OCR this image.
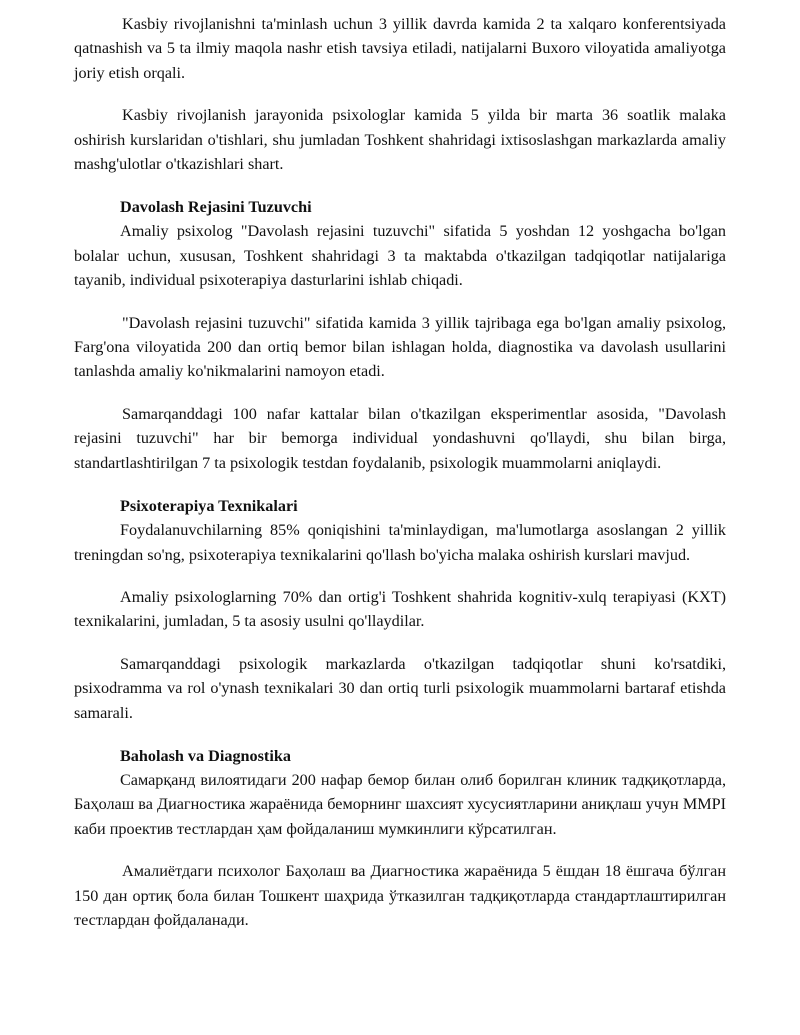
Kasbiy rivojlanishni ta'minlash uchun 3 yillik davrda kamida 2 ta xalqaro konferentsiyada qatnashish va 5 ta ilmiy maqola nashr etish tavsiya etiladi, natijalarni Buxoro viloyatida amaliyotga joriy etish orqali.

Kasbiy rivojlanish jarayonida psixologlar kamida 5 yilda bir marta 36 soatlik malaka oshirish kurslaridan o'tishlari, shu jumladan Toshkent shahridagi ixtisoslashgan markazlarda amaliy mashg'ulotlar o'tkazishlari shart.

Davolash Rejasini Tuzuvchi

Amaliy psixolog "Davolash rejasini tuzuvchi" sifatida 5 yoshdan 12 yoshgacha bo'lgan bolalar uchun, xususan, Toshkent shahridagi 3 ta maktabda o'tkazilgan tadqiqotlar natijalariga tayanib, individual psixoterapiya dasturlarini ishlab chiqadi.

"Davolash rejasini tuzuvchi" sifatida kamida 3 yillik tajribaga ega bo'lgan amaliy psixolog, Farg'ona viloyatida 200 dan ortiq bemor bilan ishlagan holda, diagnostika va davolash usullarini tanlashda amaliy ko'nikmalarini namoyon etadi.

Samarqanddagi 100 nafar kattalar bilan o'tkazilgan eksperimentlar asosida, "Davolash rejasini tuzuvchi" har bir bemorga individual yondashuvni qo'llaydi, shu bilan birga, standartlashtirilgan 7 ta psixologik testdan foydalanib, psixologik muammolarni aniqlaydi.

Psixoterapiya Texnikalari

Foydalanuvchilarning 85% qoniqishini ta'minlaydigan, ma'lumotlarga asoslangan 2 yillik treningdan so'ng, psixoterapiya texnikalarini qo'llash bo'yicha malaka oshirish kurslari mavjud.

Amaliy psixologlarning 70% dan ortig'i Toshkent shahrida kognitiv-xulq terapiyasi (KXT) texnikalarini, jumladan, 5 ta asosiy usulni qo'llaydilar.

Samarqanddagi psixologik markazlarda o'tkazilgan tadqiqotlar shuni ko'rsatdiki, psixodramma va rol o'ynash texnikalari 30 dan ortiq turli psixologik muammolarni bartaraf etishda samarali.

Baholash va Diagnostika

Самарқанд вилоятидаги 200 нафар бемор билан олиб борилган клиник тадқиқотларда, Баҳолаш ва Диагностика жараёнида беморнинг шахсият хусусиятларини аниқлаш учун MMPI каби проектив тестлардан ҳам фойдаланиш мумкинлиги кўрсатилган.

Амалиётдаги психолог Баҳолаш ва Диагностика жараёнида 5 ёшдан 18 ёшгача бўлган 150 дан ортиқ бола билан Тошкент шаҳрида ўтказилган тадқиқотларда стандартлаштирилган тестлардан фойдаланади.
